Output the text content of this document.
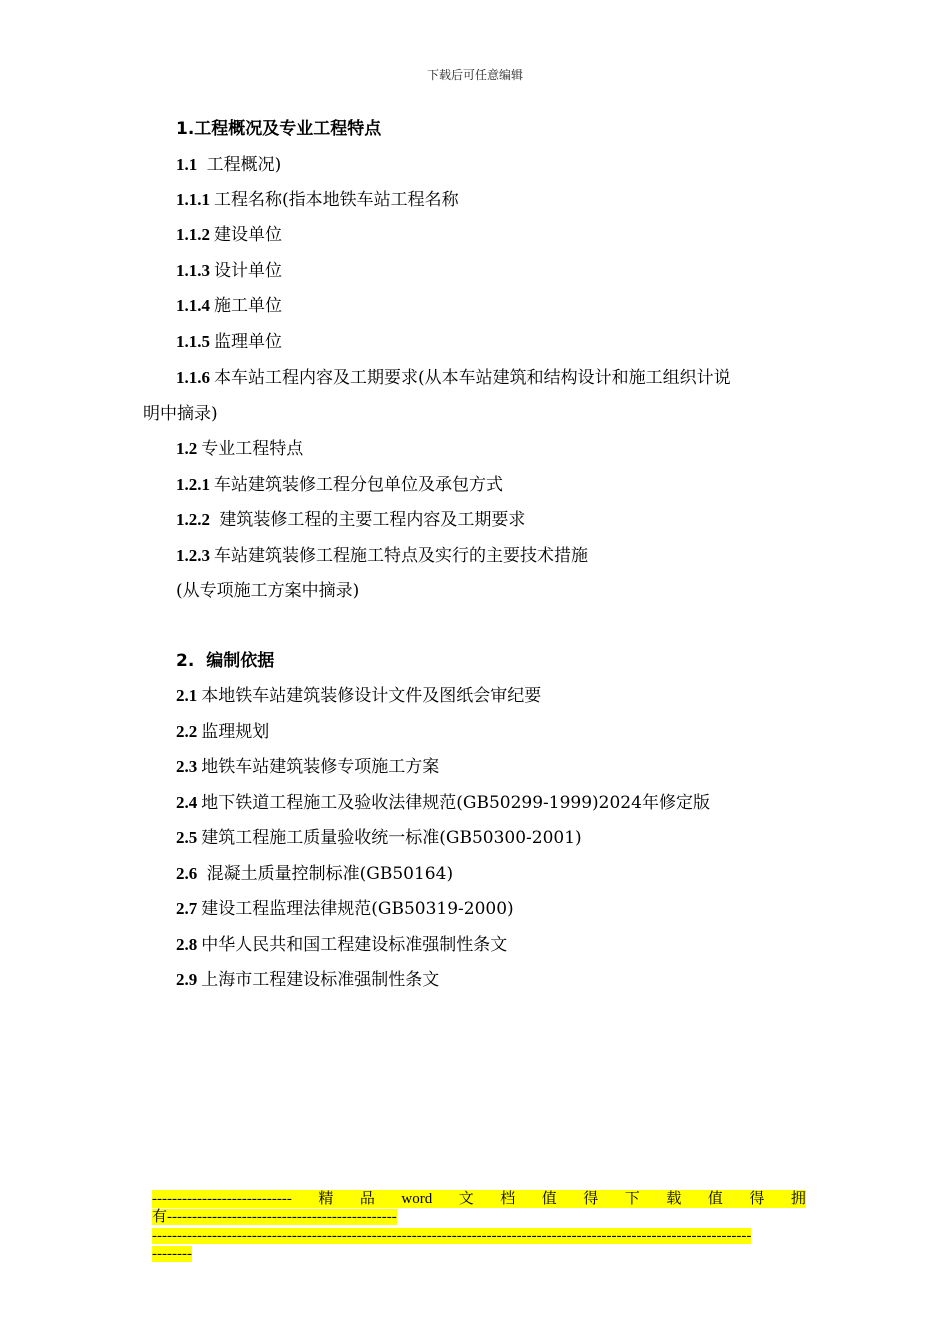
下载后可任意编辑
1.工程概况及专业工程特点
1.1 工程概况)
1.1.1 工程名称(指本地铁车站工程名称
1.1.2 建设单位
1.1.3 设计单位
1.1.4 施工单位
1.1.5 监理单位
1.1.6 本车站工程内容及工期要求(从本车站建筑和结构设计和施工组织计说
明中摘录)
1.2 专业工程特点
1.2.1 车站建筑装修工程分包单位及承包方式
1.2.2 建筑装修工程的主要工程内容及工期要求
1.2.3 车站建筑装修工程施工特点及实行的主要技术措施
(从专项施工方案中摘录)
2. 编制依据
2.1 本地铁车站建筑装修设计文件及图纸会审纪要
2.2 监理规划
2.3 地铁车站建筑装修专项施工方案
2.4 地下铁道工程施工及验收法律规范(GB50299-1999)2024年修定版
2.5 建筑工程施工质量验收统一标准(GB50300-2001)
2.6 混凝土质量控制标准(GB50164)
2.7 建设工程监理法律规范(GB50319-2000)
2.8 中华人民共和国工程建设标准强制性条文
2.9 上海市工程建设标准强制性条文
---------------------------- 精 品 word 文 档 值 得 下 载 值 得 拥
有----------------------------------------------
------------------------------------------------------------------------------------------------------------------------
--------
